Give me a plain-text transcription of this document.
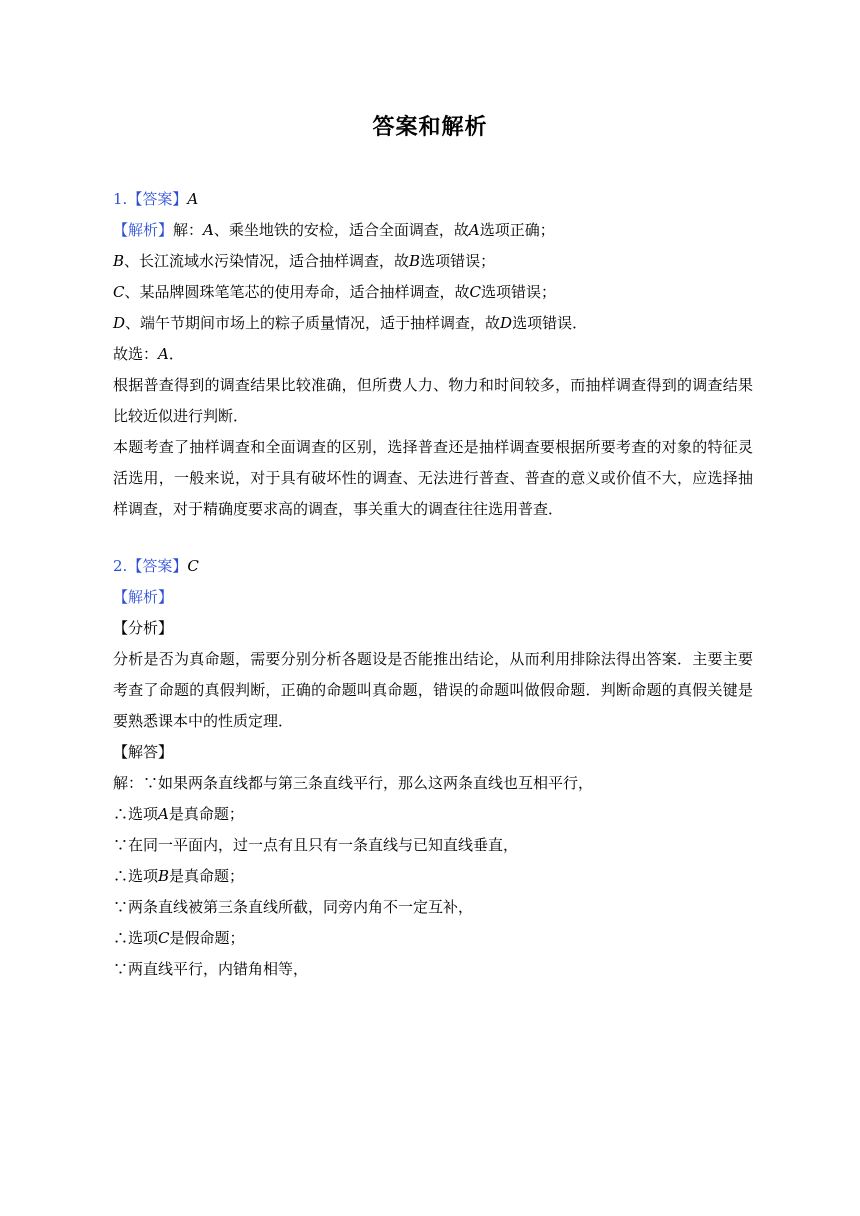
答案和解析
1.【答案】A
【解析】解：A、乘坐地铁的安检，适合全面调查，故A选项正确；
B、长江流域水污染情况，适合抽样调查，故B选项错误；
C、某品牌圆珠笔笔芯的使用寿命，适合抽样调查，故C选项错误；
D、端午节期间市场上的粽子质量情况，适于抽样调查，故D选项错误．
故选：A．
根据普查得到的调查结果比较准确，但所费人力、物力和时间较多，而抽样调查得到的调查结果比较近似进行判断．
本题考查了抽样调查和全面调查的区别，选择普查还是抽样调查要根据所要考查的对象的特征灵活选用，一般来说，对于具有破坏性的调查、无法进行普查、普查的意义或价值不大，应选择抽样调查，对于精确度要求高的调查，事关重大的调查往往选用普查．
2.【答案】C
【解析】
【分析】
分析是否为真命题，需要分别分析各题设是否能推出结论，从而利用排除法得出答案．主要主要考查了命题的真假判断，正确的命题叫真命题，错误的命题叫做假命题．判断命题的真假关键是要熟悉课本中的性质定理．
【解答】
解：∵如果两条直线都与第三条直线平行，那么这两条直线也互相平行，
∴选项A是真命题；
∵在同一平面内，过一点有且只有一条直线与已知直线垂直，
∴选项B是真命题；
∵两条直线被第三条直线所截，同旁内角不一定互补，
∴选项C是假命题；
∵两直线平行，内错角相等，
